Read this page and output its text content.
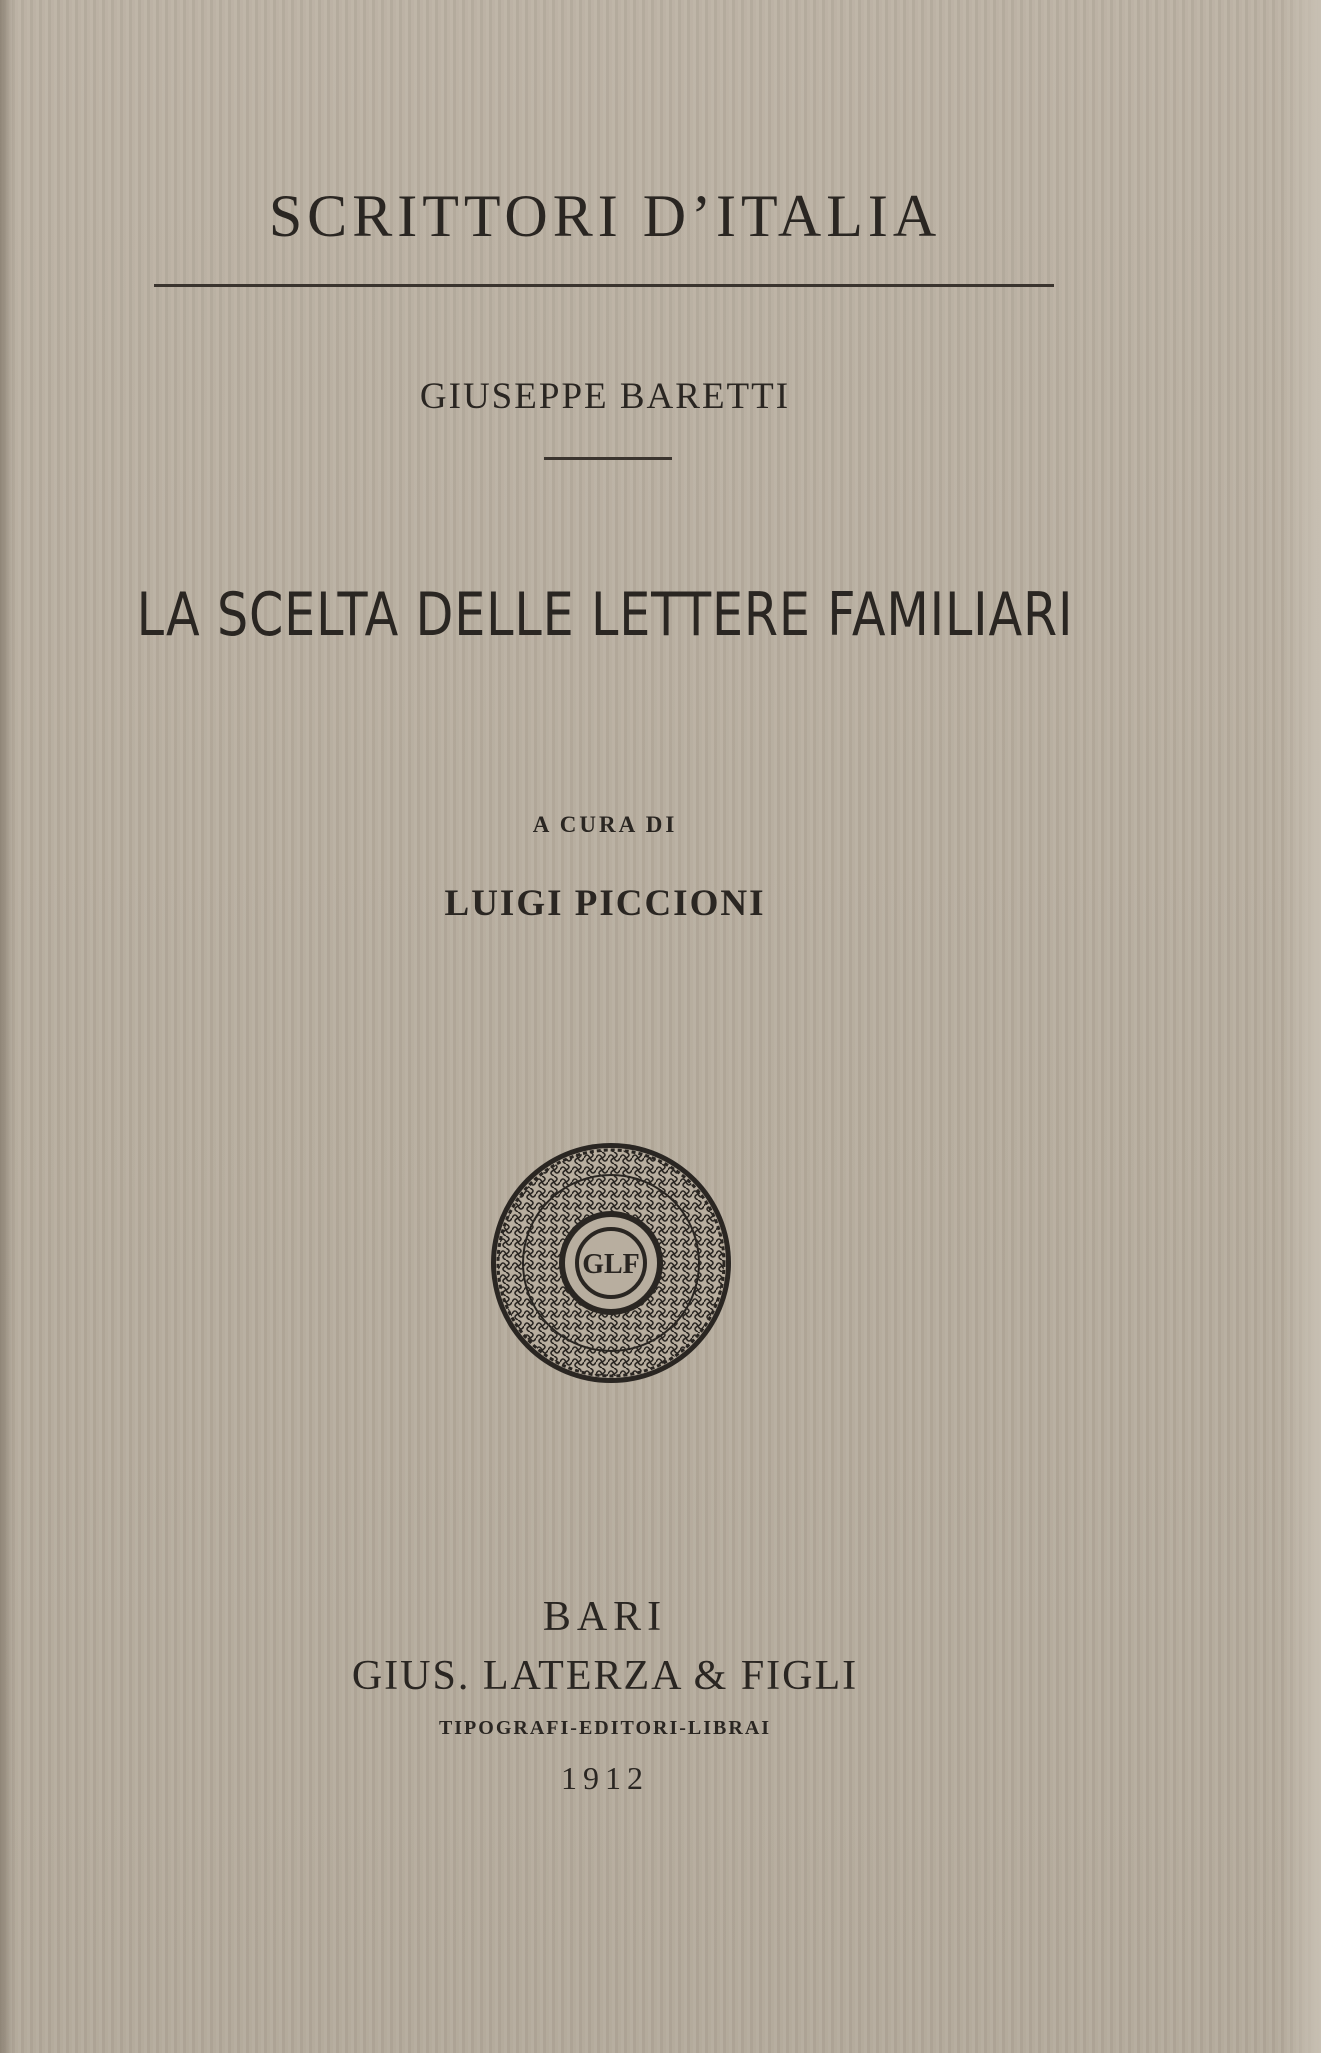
SCRITTORI D’ITALIA
GIUSEPPE BARETTI
LA SCELTA DELLE LETTERE FAMILIARI
A CURA DI
LUIGI PICCIONI
GLF
BARI
GIUS. LATERZA & FIGLI
TIPOGRAFI-EDITORI-LIBRAI
1912
